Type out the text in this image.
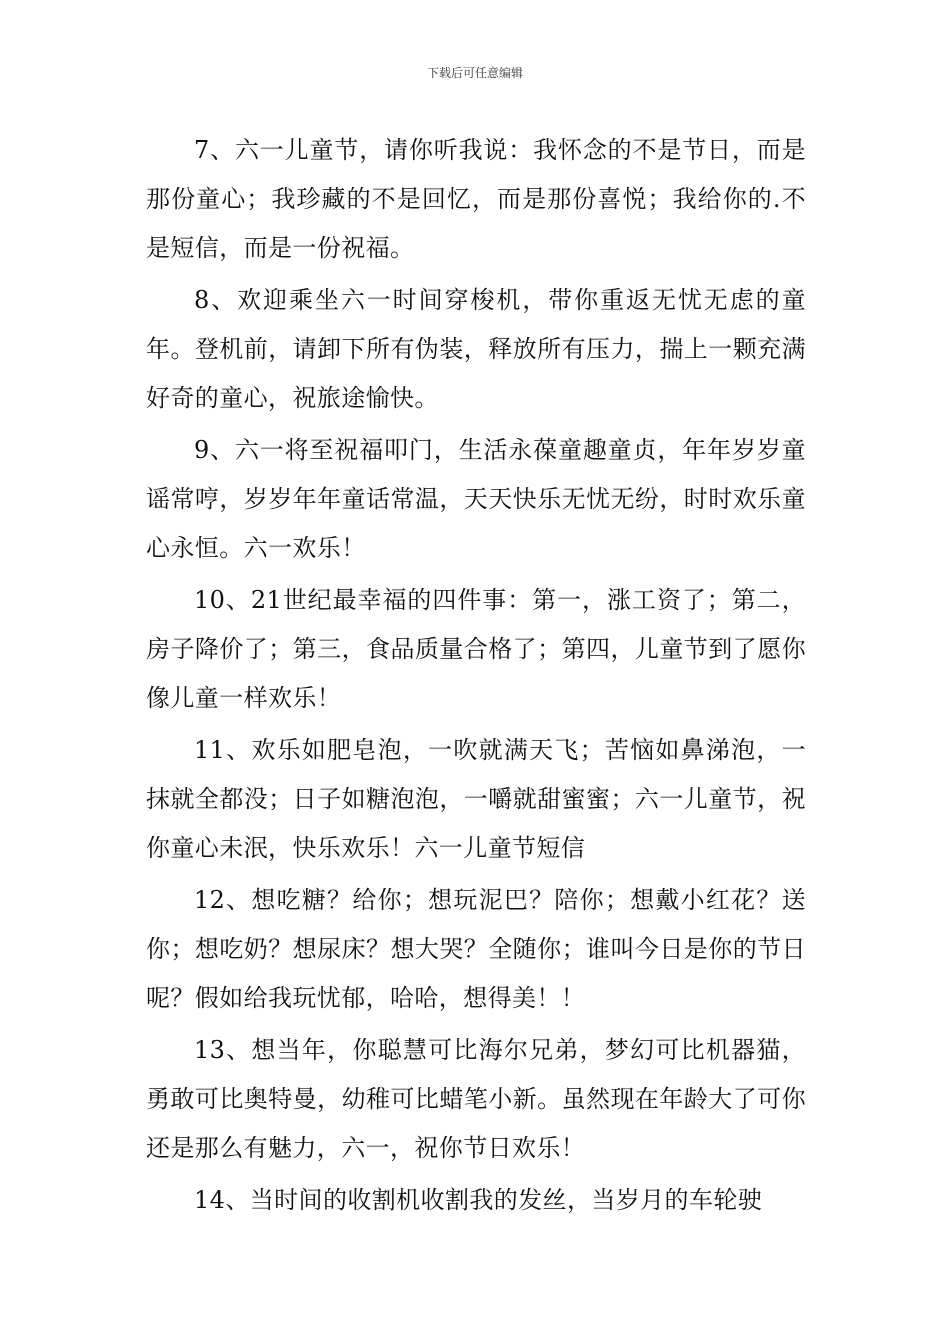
下载后可任意编辑

7、六一儿童节，请你听我说：我怀念的不是节日，而是那份童心；我珍藏的不是回忆，而是那份喜悦；我给你的.不是短信，而是一份祝福。

8、欢迎乘坐六一时间穿梭机，带你重返无忧无虑的童年。登机前，请卸下所有伪装，释放所有压力，揣上一颗充满好奇的童心，祝旅途愉快。

9、六一将至祝福叩门，生活永葆童趣童贞，年年岁岁童谣常哼，岁岁年年童话常温，天天快乐无忧无纷，时时欢乐童心永恒。六一欢乐！

10、21世纪最幸福的四件事：第一，涨工资了；第二，房子降价了；第三，食品质量合格了；第四，儿童节到了愿你像儿童一样欢乐！

11、欢乐如肥皂泡，一吹就满天飞；苦恼如鼻涕泡，一抹就全都没；日子如糖泡泡，一嚼就甜蜜蜜；六一儿童节，祝你童心未泯，快乐欢乐！六一儿童节短信

12、想吃糖？给你；想玩泥巴？陪你；想戴小红花？送你；想吃奶？想尿床？想大哭？全随你；谁叫今日是你的节日呢？假如给我玩忧郁，哈哈，想得美！！

13、想当年，你聪慧可比海尔兄弟，梦幻可比机器猫，勇敢可比奥特曼，幼稚可比蜡笔小新。虽然现在年龄大了可你还是那么有魅力，六一，祝你节日欢乐！

14、当时间的收割机收割我的发丝，当岁月的车轮驶
